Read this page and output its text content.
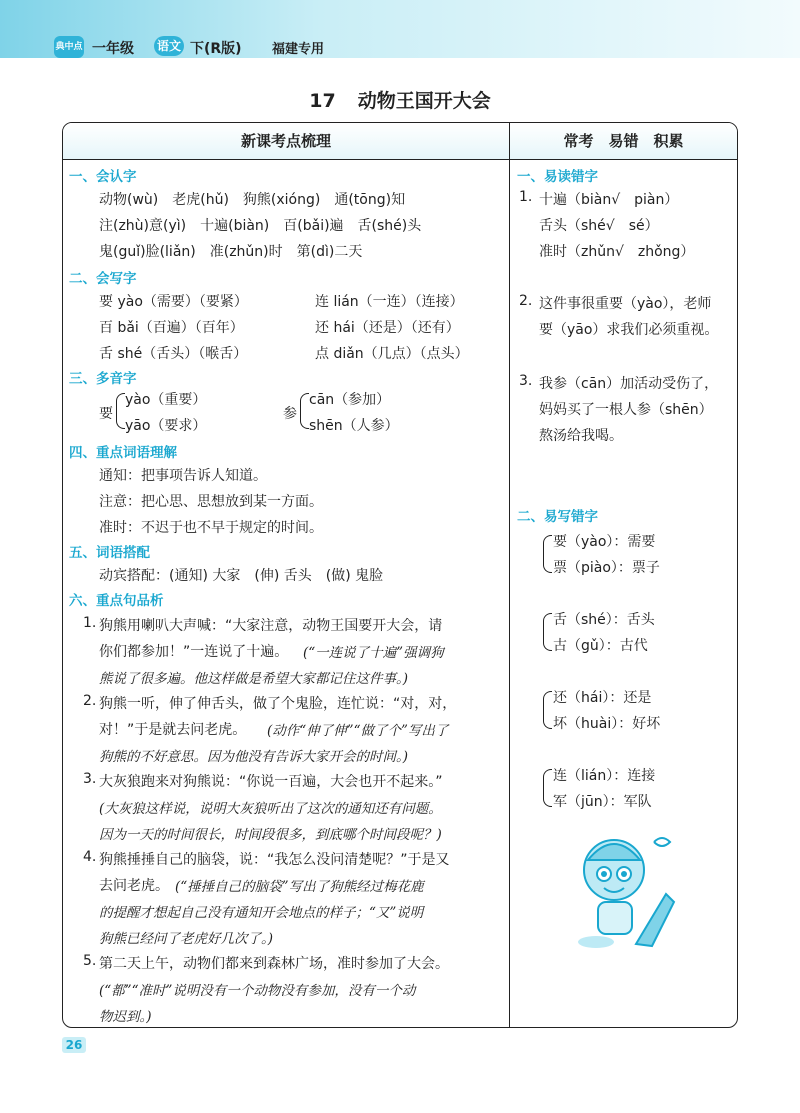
典中点 一年级 语文 下(R版) 福建专用
17 动物王国开大会
新课考点梳理	常考　易错　积累
一、会认字
动物(wù)　老虎(hǔ)　狗熊(xióng)　通(tōng)知
注(zhù)意(yì)　十遍(biàn)　百(bǎi)遍　舌(shé)头
鬼(guǐ)脸(liǎn)　准(zhǔn)时　第(dì)二天
二、会写字
要 yào（需要）（要紧）	连 lián（一连）（连接）
百 bǎi（百遍）（百年）	还 hái（还是）（还有）
舌 shé（舌头）（喉舌）	点 diǎn（几点）（点头）
三、多音字
要
yào（重要）
yāo（要求）
参
cān（参加）
shēn（人参）
四、重点词语理解
通知：把事项告诉人知道。
注意：把心思、思想放到某一方面。
准时：不迟于也不早于规定的时间。
五、词语搭配
动宾搭配：(通知) 大家　(伸) 舌头　(做) 鬼脸
六、重点句品析
1. 狗熊用喇叭大声喊：“大家注意，动物王国要开大会，请
你们都参加！”一连说了十遍。 (“一连说了十遍”强调狗
熊说了很多遍。他这样做是希望大家都记住这件事。)
2. 狗熊一听，伸了伸舌头，做了个鬼脸，连忙说：“对，对，
对！”于是就去问老虎。 (动作“伸了伸”“做了个”写出了
狗熊的不好意思。因为他没有告诉大家开会的时间。)
3. 大灰狼跑来对狗熊说：“你说一百遍，大会也开不起来。”
(大灰狼这样说，说明大灰狼听出了这次的通知还有问题。
因为一天的时间很长，时间段很多，到底哪个时间段呢？)
4. 狗熊捶捶自己的脑袋，说：“我怎么没问清楚呢？”于是又
去问老虎。 (“捶捶自己的脑袋”写出了狗熊经过梅花鹿
的提醒才想起自己没有通知开会地点的样子；“又”说明
狗熊已经问了老虎好几次了。)
5. 第二天上午，动物们都来到森林广场，准时参加了大会。
(“都”“准时”说明没有一个动物没有参加，没有一个动
物迟到。)
一、易读错字
1. 十遍（biàn√　piàn）
舌头（shé√　sé）
准时（zhǔn√　zhǒng）
2. 这件事很重要（yào），老师
要（yāo）求我们必须重视。
3. 我参（cān）加活动受伤了，
妈妈买了一根人参（shēn）
熬汤给我喝。
二、易写错字
要（yào）：需要
票（piào）：票子
舌（shé）：舌头
古（gǔ）：古代
还（hái）：还是
坏（huài）：好坏
连（lián）：连接
军（jūn）：军队
26
